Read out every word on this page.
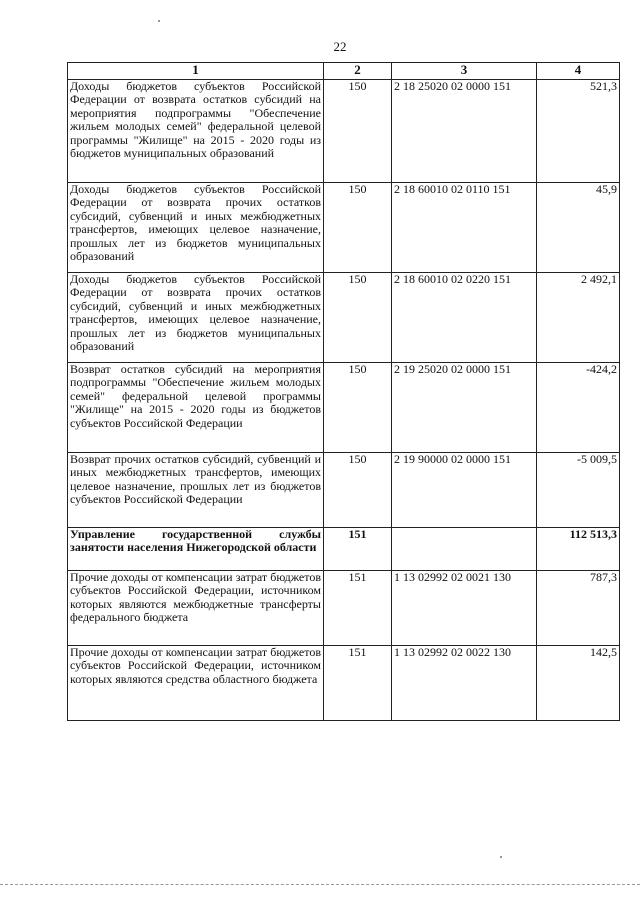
22
1	2	3	4
Доходы бюджетов субъектов Российской Федерации от возврата остатков субсидий на мероприятия подпрограммы "Обеспечение жильем молодых семей" федеральной целевой программы "Жилище" на 2015 - 2020 годы из бюджетов муниципальных образований	150	2 18 25020 02 0000 151	521,3
Доходы бюджетов субъектов Российской Федерации от возврата прочих остатков субсидий, субвенций и иных межбюджетных трансфертов, имеющих целевое назначение, прошлых лет из бюджетов муниципальных образований	150	2 18 60010 02 0110 151	45,9
Доходы бюджетов субъектов Российской Федерации от возврата прочих остатков субсидий, субвенций и иных межбюджетных трансфертов, имеющих целевое назначение, прошлых лет из бюджетов муниципальных образований	150	2 18 60010 02 0220 151	2 492,1
Возврат остатков субсидий на мероприятия подпрограммы "Обеспечение жильем молодых семей" федеральной целевой программы "Жилище" на 2015 - 2020 годы из бюджетов субъектов Российской Федерации	150	2 19 25020 02 0000 151	-424,2
Возврат прочих остатков субсидий, субвенций и иных межбюджетных трансфертов, имеющих целевое назначение, прошлых лет из бюджетов субъектов Российской Федерации	150	2 19 90000 02 0000 151	-5 009,5
Управление государственной службы занятости населения Нижегородской области	151		112 513,3
Прочие доходы от компенсации затрат бюджетов субъектов Российской Федерации, источником которых являются межбюджетные трансферты федерального бюджета	151	1 13 02992 02 0021 130	787,3
Прочие доходы от компенсации затрат бюджетов субъектов Российской Федерации, источником которых являются средства областного бюджета	151	1 13 02992 02 0022 130	142,5
